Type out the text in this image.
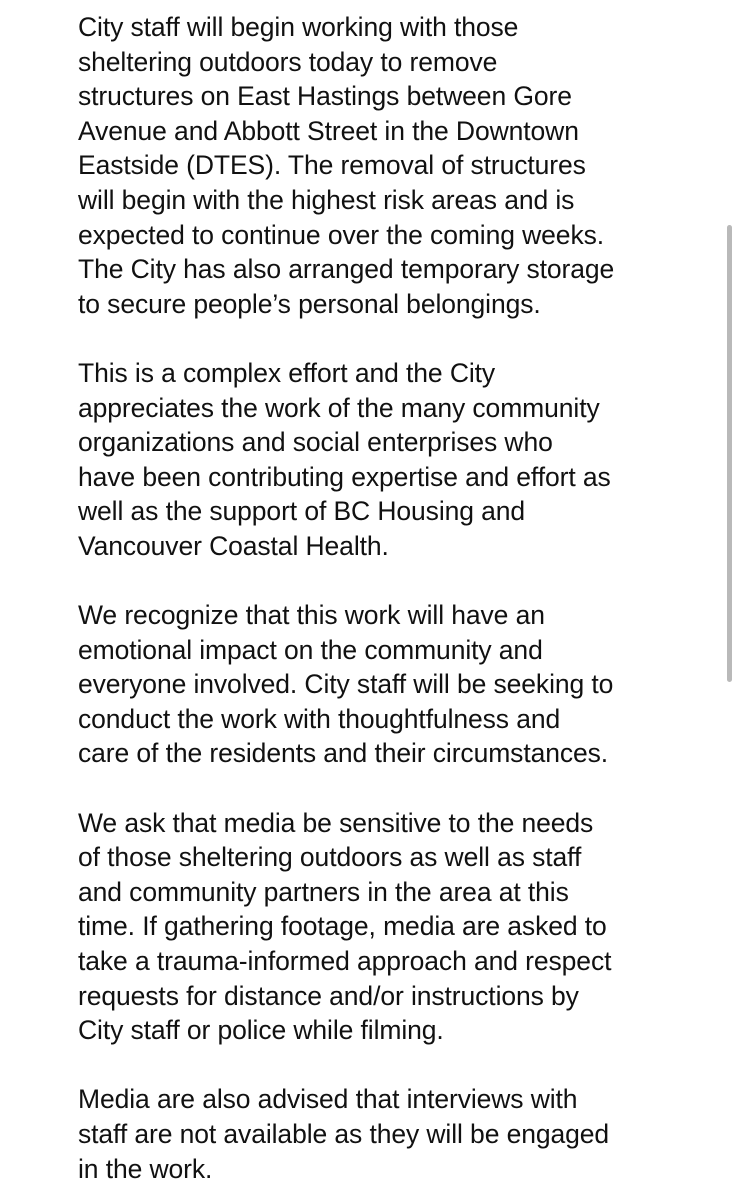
City staff will begin working with those
sheltering outdoors today to remove
structures on East Hastings between Gore
Avenue and Abbott Street in the Downtown
Eastside (DTES). The removal of structures
will begin with the highest risk areas and is
expected to continue over the coming weeks.
The City has also arranged temporary storage
to secure people’s personal belongings.
This is a complex effort and the City
appreciates the work of the many community
organizations and social enterprises who
have been contributing expertise and effort as
well as the support of BC Housing and
Vancouver Coastal Health.
We recognize that this work will have an
emotional impact on the community and
everyone involved. City staff will be seeking to
conduct the work with thoughtfulness and
care of the residents and their circumstances.
We ask that media be sensitive to the needs
of those sheltering outdoors as well as staff
and community partners in the area at this
time. If gathering footage, media are asked to
take a trauma-informed approach and respect
requests for distance and/or instructions by
City staff or police while filming.
Media are also advised that interviews with
staff are not available as they will be engaged
in the work.
